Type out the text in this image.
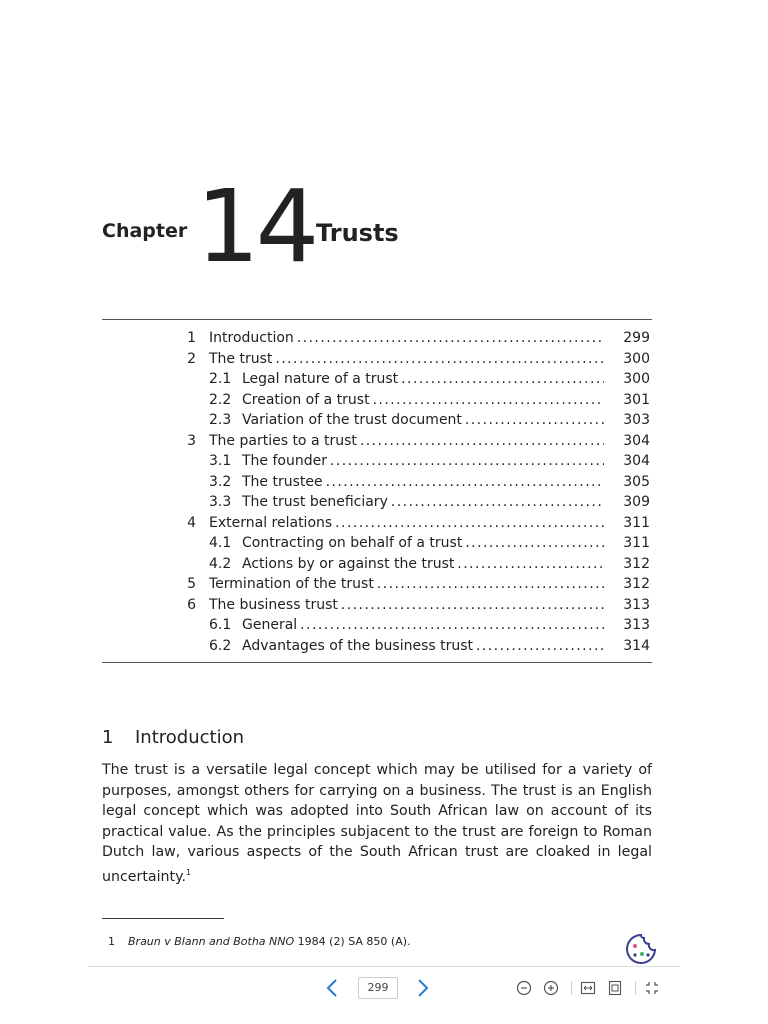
Chapter 14 Trusts
1 Introduction . . .	299
2 The trust . . .	300
2.1 Legal nature of a trust . . .	300
2.2 Creation of a trust . . .	301
2.3 Variation of the trust document . . .	303
3 The parties to a trust . . .	304
3.1 The founder . . .	304
3.2 The trustee . . .	305
3.3 The trust beneficiary . . .	309
4 External relations . . .	311
4.1 Contracting on behalf of a trust . . .	311
4.2 Actions by or against the trust . . .	312
5 Termination of the trust . . .	312
6 The business trust . . .	313
6.1 General . . .	313
6.2 Advantages of the business trust . . .	314
1 Introduction
The trust is a versatile legal concept which may be utilised for a variety of purposes, amongst others for carrying on a business. The trust is an English legal concept which was adopted into South African law on account of its practical value. As the principles subjacent to the trust are foreign to Roman Dutch law, various aspects of the South African trust are cloaked in legal uncertainty.$^1$
1 Braun v Blann and Botha NNO 1984 (2) SA 850 (A).
299
